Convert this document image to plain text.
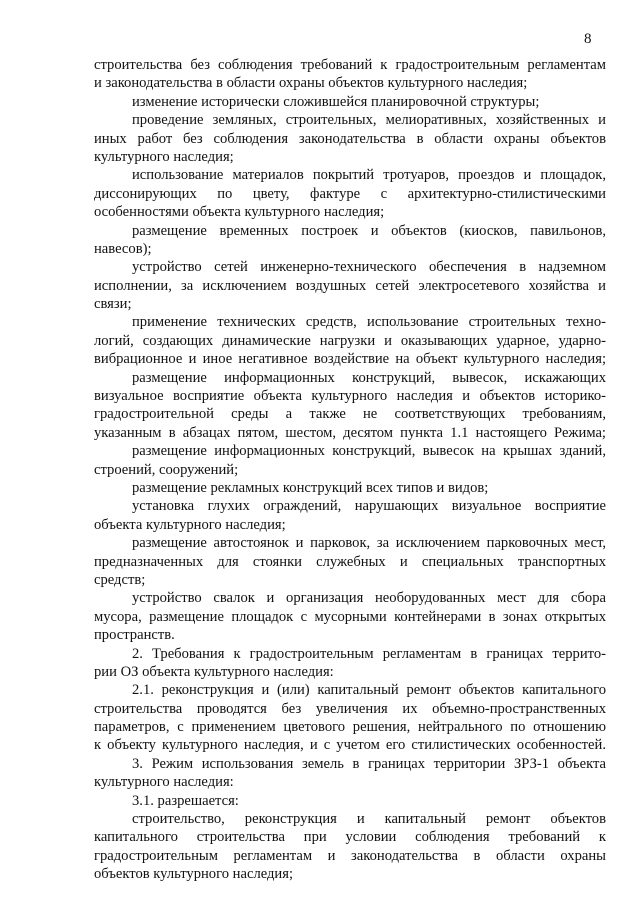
8
строительства без соблюдения требований к градостроительным регламентам
и законодательства в области охраны объектов культурного наследия;
изменение исторически сложившейся планировочной структуры;
проведение земляных, строительных, мелиоративных, хозяйственных и
иных работ без соблюдения законодательства в области охраны объектов
культурного наследия;
использование материалов покрытий тротуаров, проездов и площадок,
диссонирующих по цвету, фактуре с архитектурно-стилистическими
особенностями объекта культурного наследия;
размещение временных построек и объектов (киосков, павильонов,
навесов);
устройство сетей инженерно-технического обеспечения в надземном
исполнении, за исключением воздушных сетей электросетевого хозяйства и
связи;
применение технических средств, использование строительных техно-
логий, создающих динамические нагрузки и оказывающих ударное, ударно-
вибрационное и иное негативное воздействие на объект культурного наследия;
размещение информационных конструкций, вывесок, искажающих
визуальное восприятие объекта культурного наследия и объектов историко-
градостроительной среды а также не соответствующих требованиям,
указанным в абзацах пятом, шестом, десятом пункта 1.1 настоящего Режима;
размещение информационных конструкций, вывесок на крышах зданий,
строений, сооружений;
размещение рекламных конструкций всех типов и видов;
установка глухих ограждений, нарушающих визуальное восприятие
объекта культурного наследия;
размещение автостоянок и парковок, за исключением парковочных мест,
предназначенных для стоянки служебных и специальных транспортных
средств;
устройство свалок и организация необорудованных мест для сбора
мусора, размещение площадок с мусорными контейнерами в зонах открытых
пространств.
2. Требования к градостроительным регламентам в границах террито-
рии ОЗ объекта культурного наследия:
2.1. реконструкция и (или) капитальный ремонт объектов капитального
строительства проводятся без увеличения их объемно-пространственных
параметров, с применением цветового решения, нейтрального по отношению
к объекту культурного наследия, и с учетом его стилистических особенностей.
3. Режим использования земель в границах территории ЗРЗ-1 объекта
культурного наследия:
3.1. разрешается:
строительство, реконструкция и капитальный ремонт объектов
капитального строительства при условии соблюдения требований к
градостроительным регламентам и законодательства в области охраны
объектов культурного наследия;
